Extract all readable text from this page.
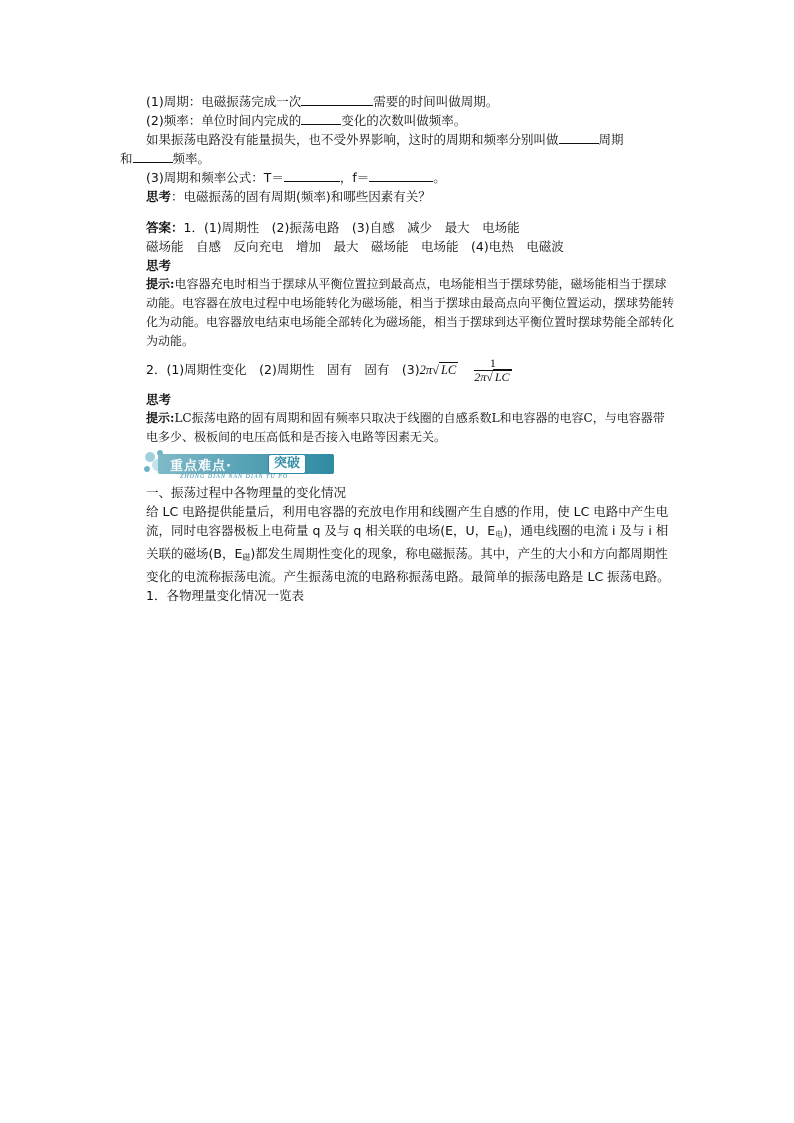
(1)周期：电磁振荡完成一次	需要的时间叫做周期。
(2)频率：单位时间内完成的	变化的次数叫做频率。
如果振荡电路没有能量损失，也不受外界影响，这时的周期和频率分别叫做	周期
和	频率。
(3)周期和频率公式：T＝	，f＝	。
思考：电磁振荡的固有周期(频率)和哪些因素有关？
答案：1．(1)周期性　(2)振荡电路　(3)自感　减少　最大　电场能
磁场能　自感　反向充电　增加　最大　磁场能　电场能　(4)电热　电磁波
思考
提示:电容器充电时相当于摆球从平衡位置拉到最高点，电场能相当于摆球势能，磁场能相当于摆球动能。电容器在放电过程中电场能转化为磁场能，相当于摆球由最高点向平衡位置运动，摆球势能转化为动能。电容器放电结束电场能全部转化为磁场能，相当于摆球到达平衡位置时摆球势能全部转化为动能。
2．(1)周期性变化　(2)周期性　固有　固有　(3)2π√ LC $\frac{1}{2\pi√ LC}$
思考
提示:LC振荡电路的固有周期和固有频率只取决于线圈的自感系数L和电容器的电容C，与电容器带电多少、极板间的电压高低和是否接入电路等因素无关。
重点难点·	突破
ZHONG DIAN NAN DIAN TU PO
一、振荡过程中各物理量的变化情况
给 LC 电路提供能量后，利用电容器的充放电作用和线圈产生自感的作用，使 LC 电路中产生电流，同时电容器极板上电荷量 q 及与 q 相关联的电场(E，U，E电)，通电线圈的电流 i 及与 i 相关联的磁场(B，E磁)都发生周期性变化的现象，称电磁振荡。其中，产生的大小和方向都周期性变化的电流称振荡电流。产生振荡电流的电路称振荡电路。最简单的振荡电路是 LC 振荡电路。
1．各物理量变化情况一览表
